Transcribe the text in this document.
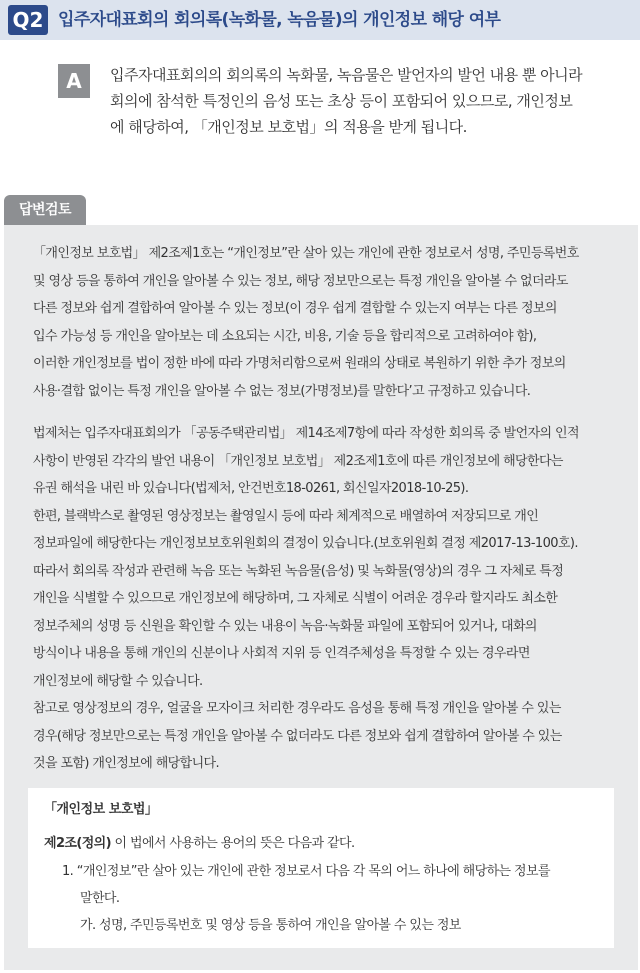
Q2 입주자대표회의 회의록(녹화물, 녹음물)의 개인정보 해당 여부
A	입주자대표회의의 회의록의 녹화물, 녹음물은 발언자의 발언 내용 뿐 아니라
회의에 참석한 특정인의 음성 또는 초상 등이 포함되어 있으므로, 개인정보
에 해당하여, 「개인정보 보호법」의 적용을 받게 됩니다.
답변검토
「개인정보 보호법」 제2조제1호는 “개인정보”란 살아 있는 개인에 관한 정보로서 성명, 주민등록번호
및 영상 등을 통하여 개인을 알아볼 수 있는 정보, 해당 정보만으로는 특정 개인을 알아볼 수 없더라도
다른 정보와 쉽게 결합하여 알아볼 수 있는 정보(이 경우 쉽게 결합할 수 있는지 여부는 다른 정보의
입수 가능성 등 개인을 알아보는 데 소요되는 시간, 비용, 기술 등을 합리적으로 고려하여야 함),
이러한 개인정보를 법이 정한 바에 따라 가명처리함으로써 원래의 상태로 복원하기 위한 추가 정보의
사용·결합 없이는 특정 개인을 알아볼 수 없는 정보(가명정보)를 말한다’고 규정하고 있습니다.
법제처는 입주자대표회의가 「공동주택관리법」 제14조제7항에 따라 작성한 회의록 중 발언자의 인적
사항이 반영된 각각의 발언 내용이 「개인정보 보호법」 제2조제1호에 따른 개인정보에 해당한다는
유권 해석을 내린 바 있습니다(법제처, 안건번호18-0261, 회신일자2018-10-25).
한편, 블랙박스로 촬영된 영상정보는 촬영일시 등에 따라 체계적으로 배열하여 저장되므로 개인
정보파일에 해당한다는 개인정보보호위원회의 결정이 있습니다.(보호위원회 결정 제2017-13-100호).
따라서 회의록 작성과 관련해 녹음 또는 녹화된 녹음물(음성) 및 녹화물(영상)의 경우 그 자체로 특정
개인을 식별할 수 있으므로 개인정보에 해당하며, 그 자체로 식별이 어려운 경우라 할지라도 최소한
정보주체의 성명 등 신원을 확인할 수 있는 내용이 녹음·녹화물 파일에 포함되어 있거나, 대화의
방식이나 내용을 통해 개인의 신분이나 사회적 지위 등 인격주체성을 특정할 수 있는 경우라면
개인정보에 해당할 수 있습니다.
참고로 영상정보의 경우, 얼굴을 모자이크 처리한 경우라도 음성을 통해 특정 개인을 알아볼 수 있는
경우(해당 정보만으로는 특정 개인을 알아볼 수 없더라도 다른 정보와 쉽게 결합하여 알아볼 수 있는
것을 포함) 개인정보에 해당합니다.
「개인정보 보호법」
제2조(정의) 이 법에서 사용하는 용어의 뜻은 다음과 같다.
1. “개인정보”란 살아 있는 개인에 관한 정보로서 다음 각 목의 어느 하나에 해당하는 정보를
말한다.
가. 성명, 주민등록번호 및 영상 등을 통하여 개인을 알아볼 수 있는 정보
